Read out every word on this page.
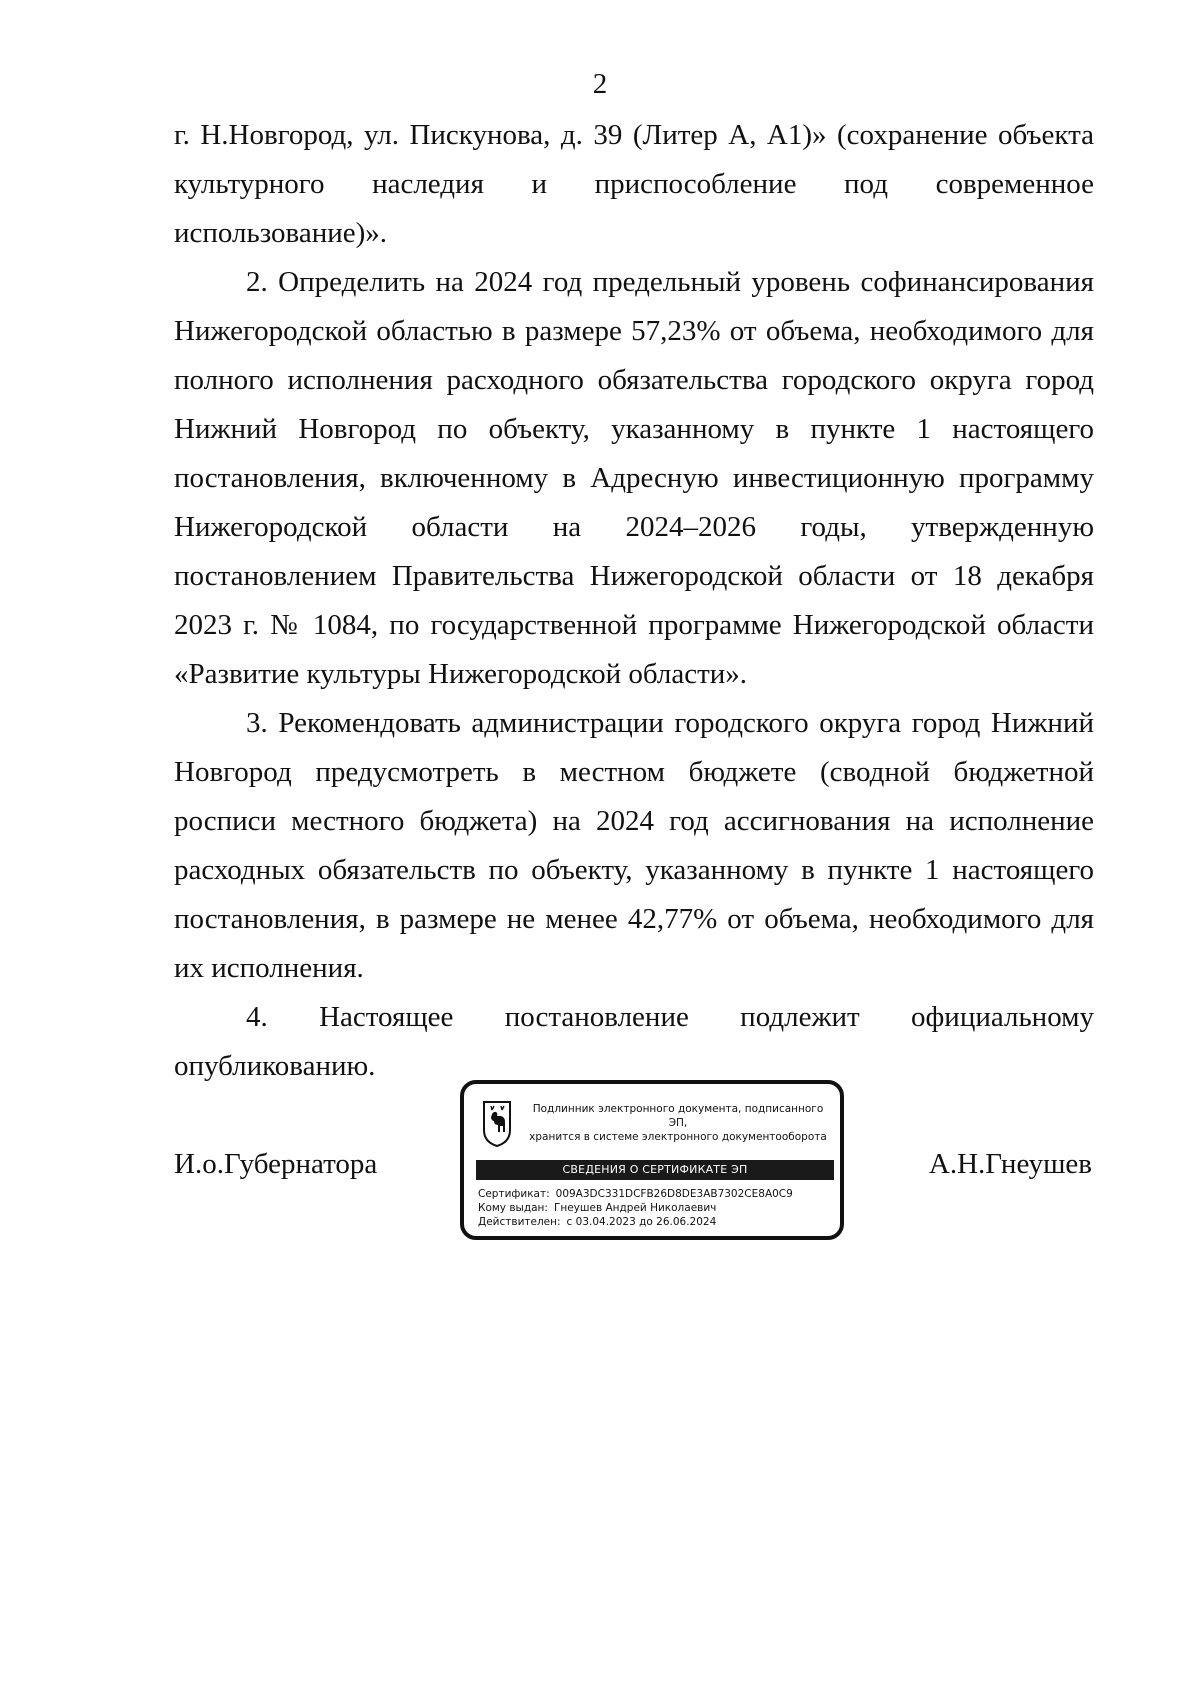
2

г. Н.Новгород, ул. Пискунова, д. 39 (Литер А, А1)» (сохранение объекта культурного наследия и приспособление под современное использование)».

2. Определить на 2024 год предельный уровень софинансирования Нижегородской областью в размере 57,23% от объема, необходимого для полного исполнения расходного обязательства городского округа город Нижний Новгород по объекту, указанному в пункте 1 настоящего постановления, включенному в Адресную инвестиционную программу Нижегородской области на 2024–2026 годы, утвержденную постановлением Правительства Нижегородской области от 18 декабря 2023 г. № 1084, по государственной программе Нижегородской области «Развитие культуры Нижегородской области».

3. Рекомендовать администрации городского округа город Нижний Новгород предусмотреть в местном бюджете (сводной бюджетной росписи местного бюджета) на 2024 год ассигнования на исполнение расходных обязательств по объекту, указанному в пункте 1 настоящего постановления, в размере не менее 42,77% от объема, необходимого для их исполнения.

4. Настоящее постановление подлежит официальному опубликованию.

И.о.Губернатора	А.Н.Гнеушев
Подлинник электронного документа, подписанного ЭП,
хранится в системе электронного документооборота
СВЕДЕНИЯ О СЕРТИФИКАТЕ ЭП
Сертификат: 009A3DC331DCFB26D8DE3AB7302CE8A0C9
Кому выдан: Гнеушев Андрей Николаевич
Действителен: с 03.04.2023 до 26.06.2024
